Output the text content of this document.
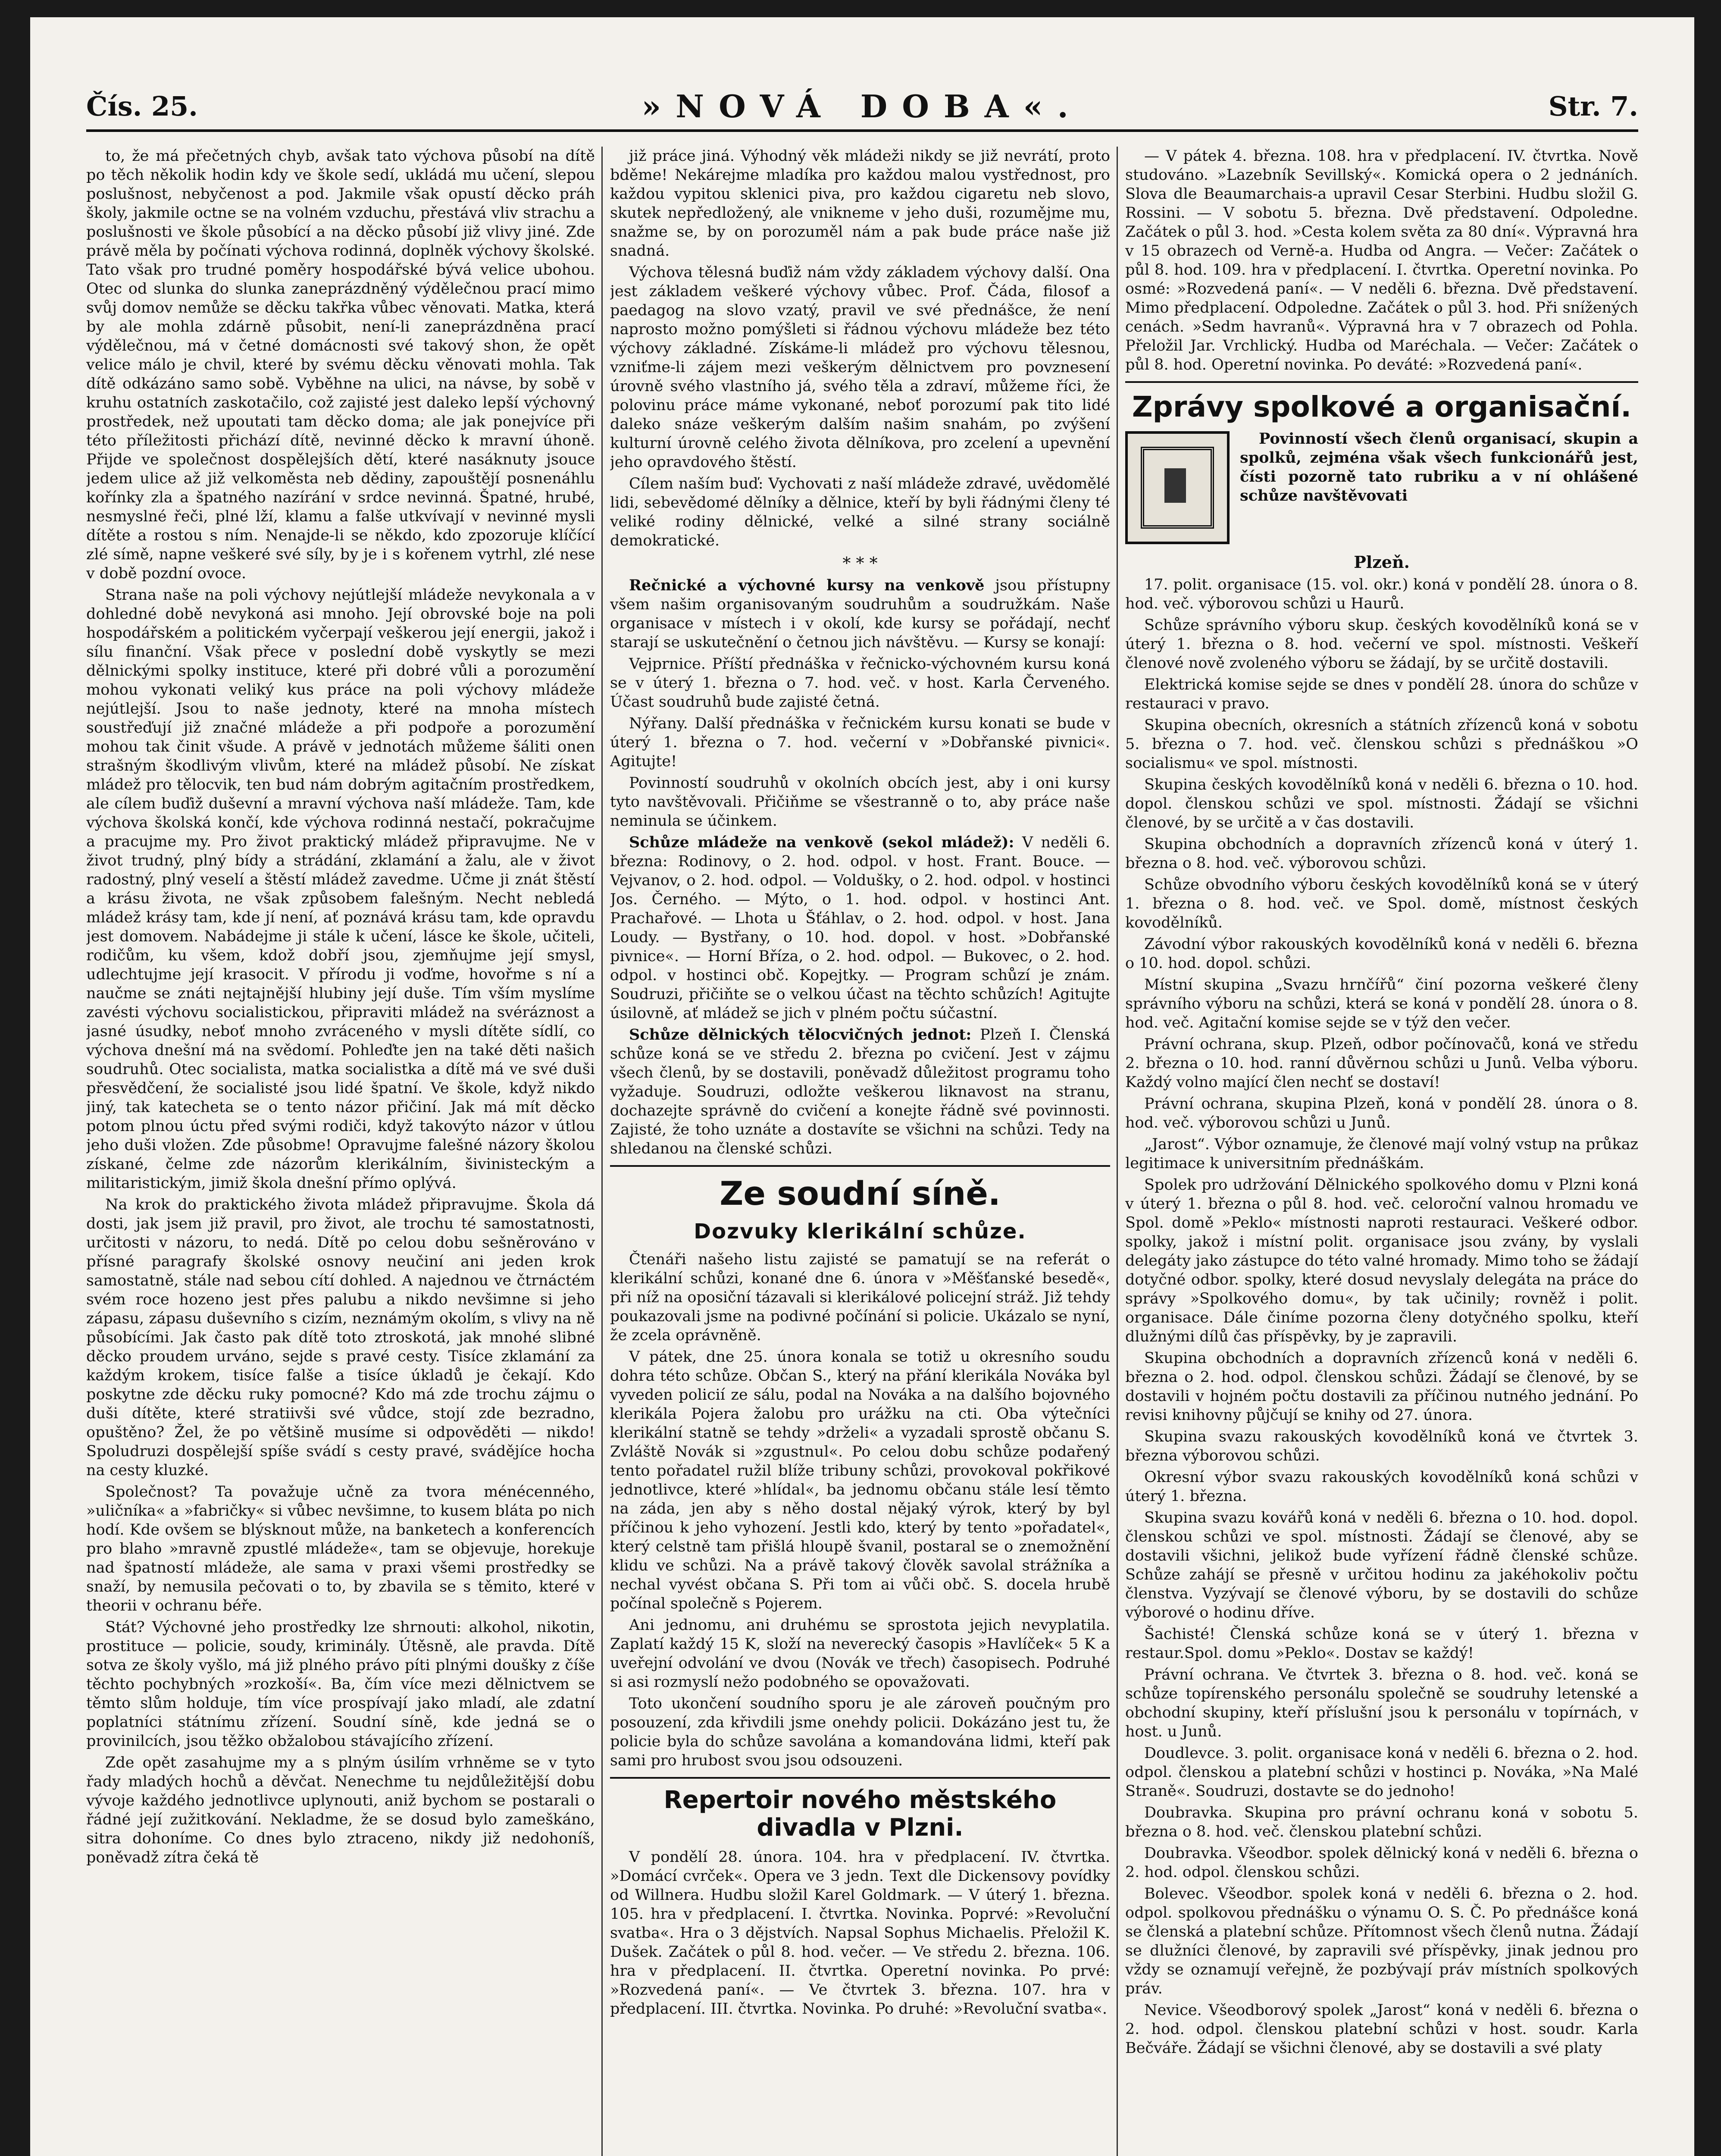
Čís. 25.	»NOVÁ DOBA«.	Str. 7.

to, že má přečetných chyb, avšak tato výchova působí na dítě po těch několik hodin kdy ve škole sedí, ukládá mu učení, slepou poslušnost, nebyčenost a pod. Jakmile však opustí děcko práh školy, jakmile octne se na volném vzduchu, přestává vliv strachu a poslušnosti ve škole působící a na děcko působí již vlivy jiné. Zde právě měla by počínati výchova rodinná, doplněk výchovy školské. Tato však pro trudné poměry hospodářské bývá velice ubohou. Otec od slunka do slunka zaneprázdněný výdělečnou prací mimo svůj domov nemůže se děcku takřka vůbec věnovati. Matka, která by ale mohla zdárně působit, není-li zaneprázdněna prací výdělečnou, má v četné domácnosti své takový shon, že opět velice málo je chvil, které by svému děcku věnovati mohla. Tak dítě odkázáno samo sobě. Vyběhne na ulici, na návse, by sobě v kruhu ostatních zaskotačilo, což zajisté jest daleko lepší výchovný prostředek, než upoutati tam děcko doma; ale jak ponejvíce při této příležitosti přichází dítě, nevinné děcko k mravní úhoně. Přijde ve společnost dospělejších dětí, které nasáknuty jsouce jedem ulice až již velkoměsta neb dědiny, zapouštějí posnenáhlu kořínky zla a špatného nazírání v srdce nevinná. Špatné, hrubé, nesmyslné řeči, plné lží, klamu a falše utkvívají v nevinné mysli dítěte a rostou s ním. Nenajde-li se někdo, kdo zpozoruje klíčící zlé símě, napne veškeré své síly, by je i s kořenem vytrhl, zlé nese v době pozdní ovoce.

Strana naše na poli výchovy nejútlejší mládeže nevykonala a v dohledné době nevykoná asi mnoho. Její obrovské boje na poli hospodářském a politickém vyčerpají veškerou její energii, jakož i sílu finanční. Však přece v poslední době vyskytly se mezi dělnickými spolky instituce, které při dobré vůli a porozumění mohou vykonati veliký kus práce na poli výchovy mládeže nejútlejší. Jsou to naše jednoty, které na mnoha místech soustřeďují již značné mládeže a při podpoře a porozumění mohou tak činit všude. A právě v jednotách můžeme šáliti onen strašným škodlivým vlivům, které na mládež působí. Ne získat mládež pro tělocvik, ten bud nám dobrým agitačním prostředkem, ale cílem buďiž duševní a mravní výchova naší mládeže. Tam, kde výchova školská končí, kde výchova rodinná nestačí, pokračujme a pracujme my. Pro život praktický mládež připravujme. Ne v život trudný, plný bídy a strádání, zklamání a žalu, ale v život radostný, plný veselí a štěstí mládež zavedme. Učme ji znát štěstí a krásu života, ne však způsobem falešným. Necht nebledá mládež krásy tam, kde jí není, ať poznává krásu tam, kde opravdu jest domovem. Nabádejme ji stále k učení, lásce ke škole, učiteli, rodičům, ku všem, kdož dobří jsou, zjemňujme její smysl, udlechtujme její krasocit. V přírodu ji voďme, hovořme s ní a naučme se znáti nejtajnější hlubiny její duše. Tím vším myslíme zavésti výchovu socialistickou, připraviti mládež na svéráznost a jasné úsudky, neboť mnoho zvráceného v mysli dítěte sídlí, co výchova dnešní má na svědomí. Pohleďte jen na také děti našich soudruhů. Otec socialista, matka socialistka a dítě má ve své duši přesvědčení, že socialisté jsou lidé špatní. Ve škole, když nikdo jiný, tak katecheta se o tento názor přičiní. Jak má mít děcko potom plnou úctu před svými rodiči, když takovýto názor v útlou jeho duši vložen. Zde působme! Opravujme falešné názory školou získané, čelme zde názorům klerikálním, šivinisteckým a militaristickým, jimiž škola dnešní přímo oplývá.

Na krok do praktického života mládež připravujme. Škola dá dosti, jak jsem již pravil, pro život, ale trochu té samostatnosti, určitosti v názoru, to nedá. Dítě po celou dobu sešněrováno v přísné paragrafy školské osnovy neučiní ani jeden krok samostatně, stále nad sebou cítí dohled. A najednou ve čtrnáctém svém roce hozeno jest přes palubu a nikdo nevšimne si jeho zápasu, zápasu duševního s cizím, neznámým okolím, s vlivy na ně působícími. Jak často pak dítě toto ztroskotá, jak mnohé slibné děcko proudem urváno, sejde s pravé cesty. Tisíce zklamání za každým krokem, tisíce falše a tisíce úkladů je čekají. Kdo poskytne zde děcku ruky pomocné? Kdo má zde trochu zájmu o duši dítěte, které stratiivši své vůdce, stojí zde bezradno, opuštěno? Žel, že po většině musíme si odpověděti — nikdo! Spoludruzi dospělejší spíše svádí s cesty pravé, svádějíce hocha na cesty kluzké.

Společnost? Ta považuje učně za tvora ménécenného, »uličníka« a »fabričky« si vůbec nevšimne, to kusem bláta po nich hodí. Kde ovšem se blýsknout může, na banketech a konferencích pro blaho »mravně zpustlé mládeže«, tam se objevuje, horekuje nad špatností mládeže, ale sama v praxi všemi prostředky se snaží, by nemusila pečovati o to, by zbavila se s těmito, které v theorii v ochranu béře.

Stát? Výchovné jeho prostředky lze shrnouti: alkohol, nikotin, prostituce — policie, soudy, kriminály. Útěsně, ale pravda. Dítě sotva ze školy vyšlo, má již plného právo píti plnými doušky z číše těchto pochybných »rozkoší«. Ba, čím více mezi dělnictvem se těmto slům holduje, tím více prospívají jako mladí, ale zdatní poplatníci státnímu zřízení. Soudní síně, kde jedná se o provinilcích, jsou těžko obžalobou stávajícího zřízení.

Zde opět zasahujme my a s plným úsilím vrhněme se v tyto řady mladých hochů a děvčat. Nenechme tu nejdůležitější dobu vývoje každého jednotlivce uplynouti, aniž bychom se postarali o řádné její zužitkování. Nekladme, že se dosud bylo zameškáno, sitra dohoníme. Co dnes bylo ztraceno, nikdy již nedohoníš, poněvadž zítra čeká tě

již práce jiná. Výhodný věk mládeži nikdy se již nevrátí, proto bděme! Nekárejme mladíka pro každou malou vystřednost, pro každou vypitou sklenici piva, pro každou cigaretu neb slovo, skutek nepředložený, ale vnikneme v jeho duši, rozumějme mu, snažme se, by on porozuměl nám a pak bude práce naše již snadná.

Výchova tělesná buďiž nám vždy základem výchovy další. Ona jest základem veškeré výchovy vůbec. Prof. Čáda, filosof a paedagog na slovo vzatý, pravil ve své přednášce, že není naprosto možno pomýšleti si řádnou výchovu mládeže bez této výchovy základné. Získáme-li mládež pro výchovu tělesnou, vzniťme-li zájem mezi veškerým dělnictvem pro povznesení úrovně svého vlastního já, svého těla a zdraví, můžeme říci, že polovinu práce máme vykonané, neboť porozumí pak tito lidé daleko snáze veškerým dalším našim snahám, po zvýšení kulturní úrovně celého života dělníkova, pro zcelení a upevnění jeho opravdového štěstí.

Cílem naším buď: Vychovati z naší mládeže zdravé, uvědomělé lidi, sebevědomé dělníky a dělnice, kteří by byli řádnými členy té veliké rodiny dělnické, velké a silné strany sociálně demokratické.

* * *

Rečnické a výchovné kursy na venkově jsou přístupny všem našim organisovaným soudruhům a soudružkám. Naše organisace v místech i v okolí, kde kursy se pořádají, nechť starají se uskutečnění o četnou jich návštěvu. — Kursy se konají:

Vejprnice. Příští přednáška v řečnicko-výchovném kursu koná se v úterý 1. března o 7. hod. več. v host. Karla Červeného. Účast soudruhů bude zajisté četná.

Nýřany. Další přednáška v řečnickém kursu konati se bude v úterý 1. března o 7. hod. večerní v »Dobřanské pivnici«. Agitujte!

Povinností soudruhů v okolních obcích jest, aby i oni kursy tyto navštěvovali. Přičiňme se všestranně o to, aby práce naše neminula se účinkem.

Schůze mládeže na venkově (sekol mládež): V neděli 6. března: Rodinovy, o 2. hod. odpol. v host. Frant. Bouce. — Vejvanov, o 2. hod. odpol. — Voldušky, o 2. hod. odpol. v hostinci Jos. Černého. — Mýto, o 1. hod. odpol. v hostinci Ant. Prachařové. — Lhota u Šťáhlav, o 2. hod. odpol. v host. Jana Loudy. — Bystřany, o 10. hod. dopol. v host. »Dobřanské pivnice«. — Horní Bříza, o 2. hod. odpol. — Bukovec, o 2. hod. odpol. v hostinci obč. Kopejtky. — Program schůzí je znám. Soudruzi, přičiňte se o velkou účast na těchto schůzích! Agitujte úsilovně, ať mládež se jich v plném počtu súčastní.

Schůze dělnických tělocvičných jednot: Plzeň I. Členská schůze koná se ve středu 2. března po cvičení. Jest v zájmu všech členů, by se dostavili, poněvadž důležitost programu toho vyžaduje. Soudruzi, odložte veškerou liknavost na stranu, dochazejte správně do cvičení a konejte řádně své povinnosti. Zajisté, že toho uznáte a dostavíte se všichni na schůzi. Tedy na shledanou na členské schůzi.

Ze soudní síně.
Dozvuky klerikální schůze.

Čtenáři našeho listu zajisté se pamatují se na referát o klerikální schůzi, konané dne 6. února v »Měšťanské besedě«, při níž na oposiční tázavali si klerikálové policejní stráž. Již tehdy poukazovali jsme na podivné počínání si policie. Ukázalo se nyní, že zcela oprávněně.

V pátek, dne 25. února konala se totiž u okresního soudu dohra této schůze. Občan S., který na přání klerikála Nováka byl vyveden policií ze sálu, podal na Nováka a na dalšího bojovného klerikála Pojera žalobu pro urážku na cti. Oba výtečníci klerikální statně se tehdy »drželi« a vyzadali sprostě občanu S. Zvláště Novák si »zgustnul«. Po celou dobu schůze podařený tento pořadatel ružil blíže tribuny schůzi, provokoval pokřikové jednotlivce, které »hlídal«, ba jednomu občanu stále lesí těmto na záda, jen aby s něho dostal nějaký výrok, který by byl příčinou k jeho vyhození. Jestli kdo, který by tento »pořadatel«, který celstně tam přišlá hloupě švanil, postaral se o znemožnění klidu ve schůzi. Na a právě takový člověk savolal strážníka a nechal vyvést občana S. Při tom ai vůči obč. S. docela hrubě počínal společně s Pojerem.

Ani jednomu, ani druhému se sprostota jejich nevyplatila. Zaplatí každý 15 K, složí na neverecký časopis »Havlíček« 5 K a uveřejní odvolání ve dvou (Novák ve třech) časopisech. Podruhé si asi rozmyslí nežo podobného se opovažovati.

Toto ukončení soudního sporu je ale zároveň poučným pro posouzení, zda křivdili jsme onehdy policii. Dokázáno jest tu, že policie byla do schůze savolána a komandována lidmi, kteří pak sami pro hrubost svou jsou odsouzeni.

Repertoir nového městského divadla v Plzni.

V pondělí 28. února. 104. hra v předplacení. IV. čtvrtka. »Domácí cvrček«. Opera ve 3 jedn. Text dle Dickensovy povídky od Willnera. Hudbu složil Karel Goldmark. — V úterý 1. března. 105. hra v předplacení. I. čtvrtka. Novinka. Poprvé: »Revoluční svatba«. Hra o 3 dějstvích. Napsal Sophus Michaelis. Přeložil K. Dušek. Začátek o půl 8. hod. večer. — Ve středu 2. března. 106. hra v předplacení. II. čtvrtka. Operetní novinka. Po prvé: »Rozvedená paní«. — Ve čtvrtek 3. března. 107. hra v předplacení. III. čtvrtka. Novinka. Po druhé: »Revoluční svatba«.

— V pátek 4. března. 108. hra v předplacení. IV. čtvrtka. Nově studováno. »Lazebník Sevillský«. Komická opera o 2 jednáních. Slova dle Beaumarchais-a upravil Cesar Sterbini. Hudbu složil G. Rossini. — V sobotu 5. března. Dvě představení. Odpoledne. Začátek o půl 3. hod. »Cesta kolem světa za 80 dní«. Výpravná hra v 15 obrazech od Verně-a. Hudba od Angra. — Večer: Začátek o půl 8. hod. 109. hra v předplacení. I. čtvrtka. Operetní novinka. Po osmé: »Rozvedená paní«. — V neděli 6. března. Dvě představení. Mimo předplacení. Odpoledne. Začátek o půl 3. hod. Při snížených cenách. »Sedm havranů«. Výpravná hra v 7 obrazech od Pohla. Přeložil Jar. Vrchlický. Hudba od Maréchala. — Večer: Začátek o půl 8. hod. Operetní novinka. Po deváté: »Rozvedená paní«.

Zprávy spolkové a organisační.
Povinností všech členů organisací, skupin a spolků, zejména však všech funkcionářů jest, čísti pozorně tato rubriku a v ní ohlášené schůze navštěvovati
Plzeň.

17. polit. organisace (15. vol. okr.) koná v pondělí 28. února o 8. hod. več. výborovou schůzi u Haurů.

Schůze správního výboru skup. českých kovodělníků koná se v úterý 1. března o 8. hod. večerní ve spol. místnosti. Veškeří členové nově zvoleného výboru se žádají, by se určitě dostavili.

Elektrická komise sejde se dnes v pondělí 28. února do schůze v restauraci v pravo.

Skupina obecních, okresních a státních zřízenců koná v sobotu 5. března o 7. hod. več. členskou schůzi s přednáškou »O socialismu« ve spol. místnosti.

Skupina českých kovodělníků koná v neděli 6. března o 10. hod. dopol. členskou schůzi ve spol. místnosti. Žádají se všichni členové, by se určitě a v čas dostavili.

Skupina obchodních a dopravních zřízenců koná v úterý 1. března o 8. hod. več. výborovou schůzi.

Schůze obvodního výboru českých kovodělníků koná se v úterý 1. března o 8. hod. več. ve Spol. domě, místnost českých kovodělníků.

Závodní výbor rakouských kovodělníků koná v neděli 6. března o 10. hod. dopol. schůzi.

Místní skupina „Svazu hrnčířů“ činí pozorna veškeré členy správního výboru na schůzi, která se koná v pondělí 28. února o 8. hod. več. Agitační komise sejde se v týž den večer.

Právní ochrana, skup. Plzeň, odbor počínovačů, koná ve středu 2. března o 10. hod. ranní důvěrnou schůzi u Junů. Velba výboru. Každý volno mající člen nechť se dostaví!

Právní ochrana, skupina Plzeň, koná v pondělí 28. února o 8. hod. več. výborovou schůzi u Junů.

„Jarost“. Výbor oznamuje, že členové mají volný vstup na průkaz legitimace k universitním přednáškám.

Spolek pro udržování Dělnického spolkového domu v Plzni koná v úterý 1. března o půl 8. hod. več. celoroční valnou hromadu ve Spol. domě »Peklo« místnosti naproti restauraci. Veškeré odbor. spolky, jakož i místní polit. organisace jsou zvány, by vyslali delegáty jako zástupce do této valné hromady. Mimo toho se žádají dotyčné odbor. spolky, které dosud nevyslaly delegáta na práce do správy »Spolkového domu«, by tak učinily; rovněž i polit. organisace. Dále činíme pozorna členy dotyčného spolku, kteří dlužnými dílů čas příspěvky, by je zapravili.

Skupina obchodních a dopravních zřízenců koná v neděli 6. března o 2. hod. odpol. členskou schůzi. Žádají se členové, by se dostavili v hojném počtu dostavili za příčinou nutného jednání. Po revisi knihovny půjčují se knihy od 27. února.

Skupina svazu rakouských kovodělníků koná ve čtvrtek 3. března výborovou schůzi.

Okresní výbor svazu rakouských kovodělníků koná schůzi v úterý 1. března.

Skupina svazu kovářů koná v neděli 6. března o 10. hod. dopol. členskou schůzi ve spol. místnosti. Žádají se členové, aby se dostavili všichni, jelikož bude vyřízení řádně členské schůze. Schůze zahájí se přesně v určitou hodinu za jakéhokoliv počtu členstva. Vyzývají se členové výboru, by se dostavili do schůze výborové o hodinu dříve.

Šachisté! Členská schůze koná se v úterý 1. března v restaur.Spol. domu »Peklo«. Dostav se každý!

Právní ochrana. Ve čtvrtek 3. března o 8. hod. več. koná se schůze topírenského personálu společně se soudruhy letenské a obchodní skupiny, kteří příslušní jsou k personálu v topírnách, v host. u Junů.

Doudlevce. 3. polit. organisace koná v neděli 6. března o 2. hod. odpol. členskou a platební schůzi v hostinci p. Nováka, »Na Malé Straně«. Soudruzi, dostavte se do jednoho!

Doubravka. Skupina pro právní ochranu koná v sobotu 5. března o 8. hod. več. členskou platební schůzi.

Doubravka. Všeodbor. spolek dělnický koná v neděli 6. března o 2. hod. odpol. členskou schůzi.

Bolevec. Všeodbor. spolek koná v neděli 6. března o 2. hod. odpol. spolkovou přednášku o výnamu O. S. Č. Po přednášce koná se členská a platební schůze. Přítomnost všech členů nutna. Žádají se dlužníci členové, by zapravili své příspěvky, jinak jednou pro vždy se oznamují veřejně, že pozbývají práv místních spolkových práv.

Nevice. Všeodborový spolek „Jarost“ koná v neděli 6. března o 2. hod. odpol. členskou platební schůzi v host. soudr. Karla Bečváře. Žádají se všichni členové, aby se dostavili a své platy
